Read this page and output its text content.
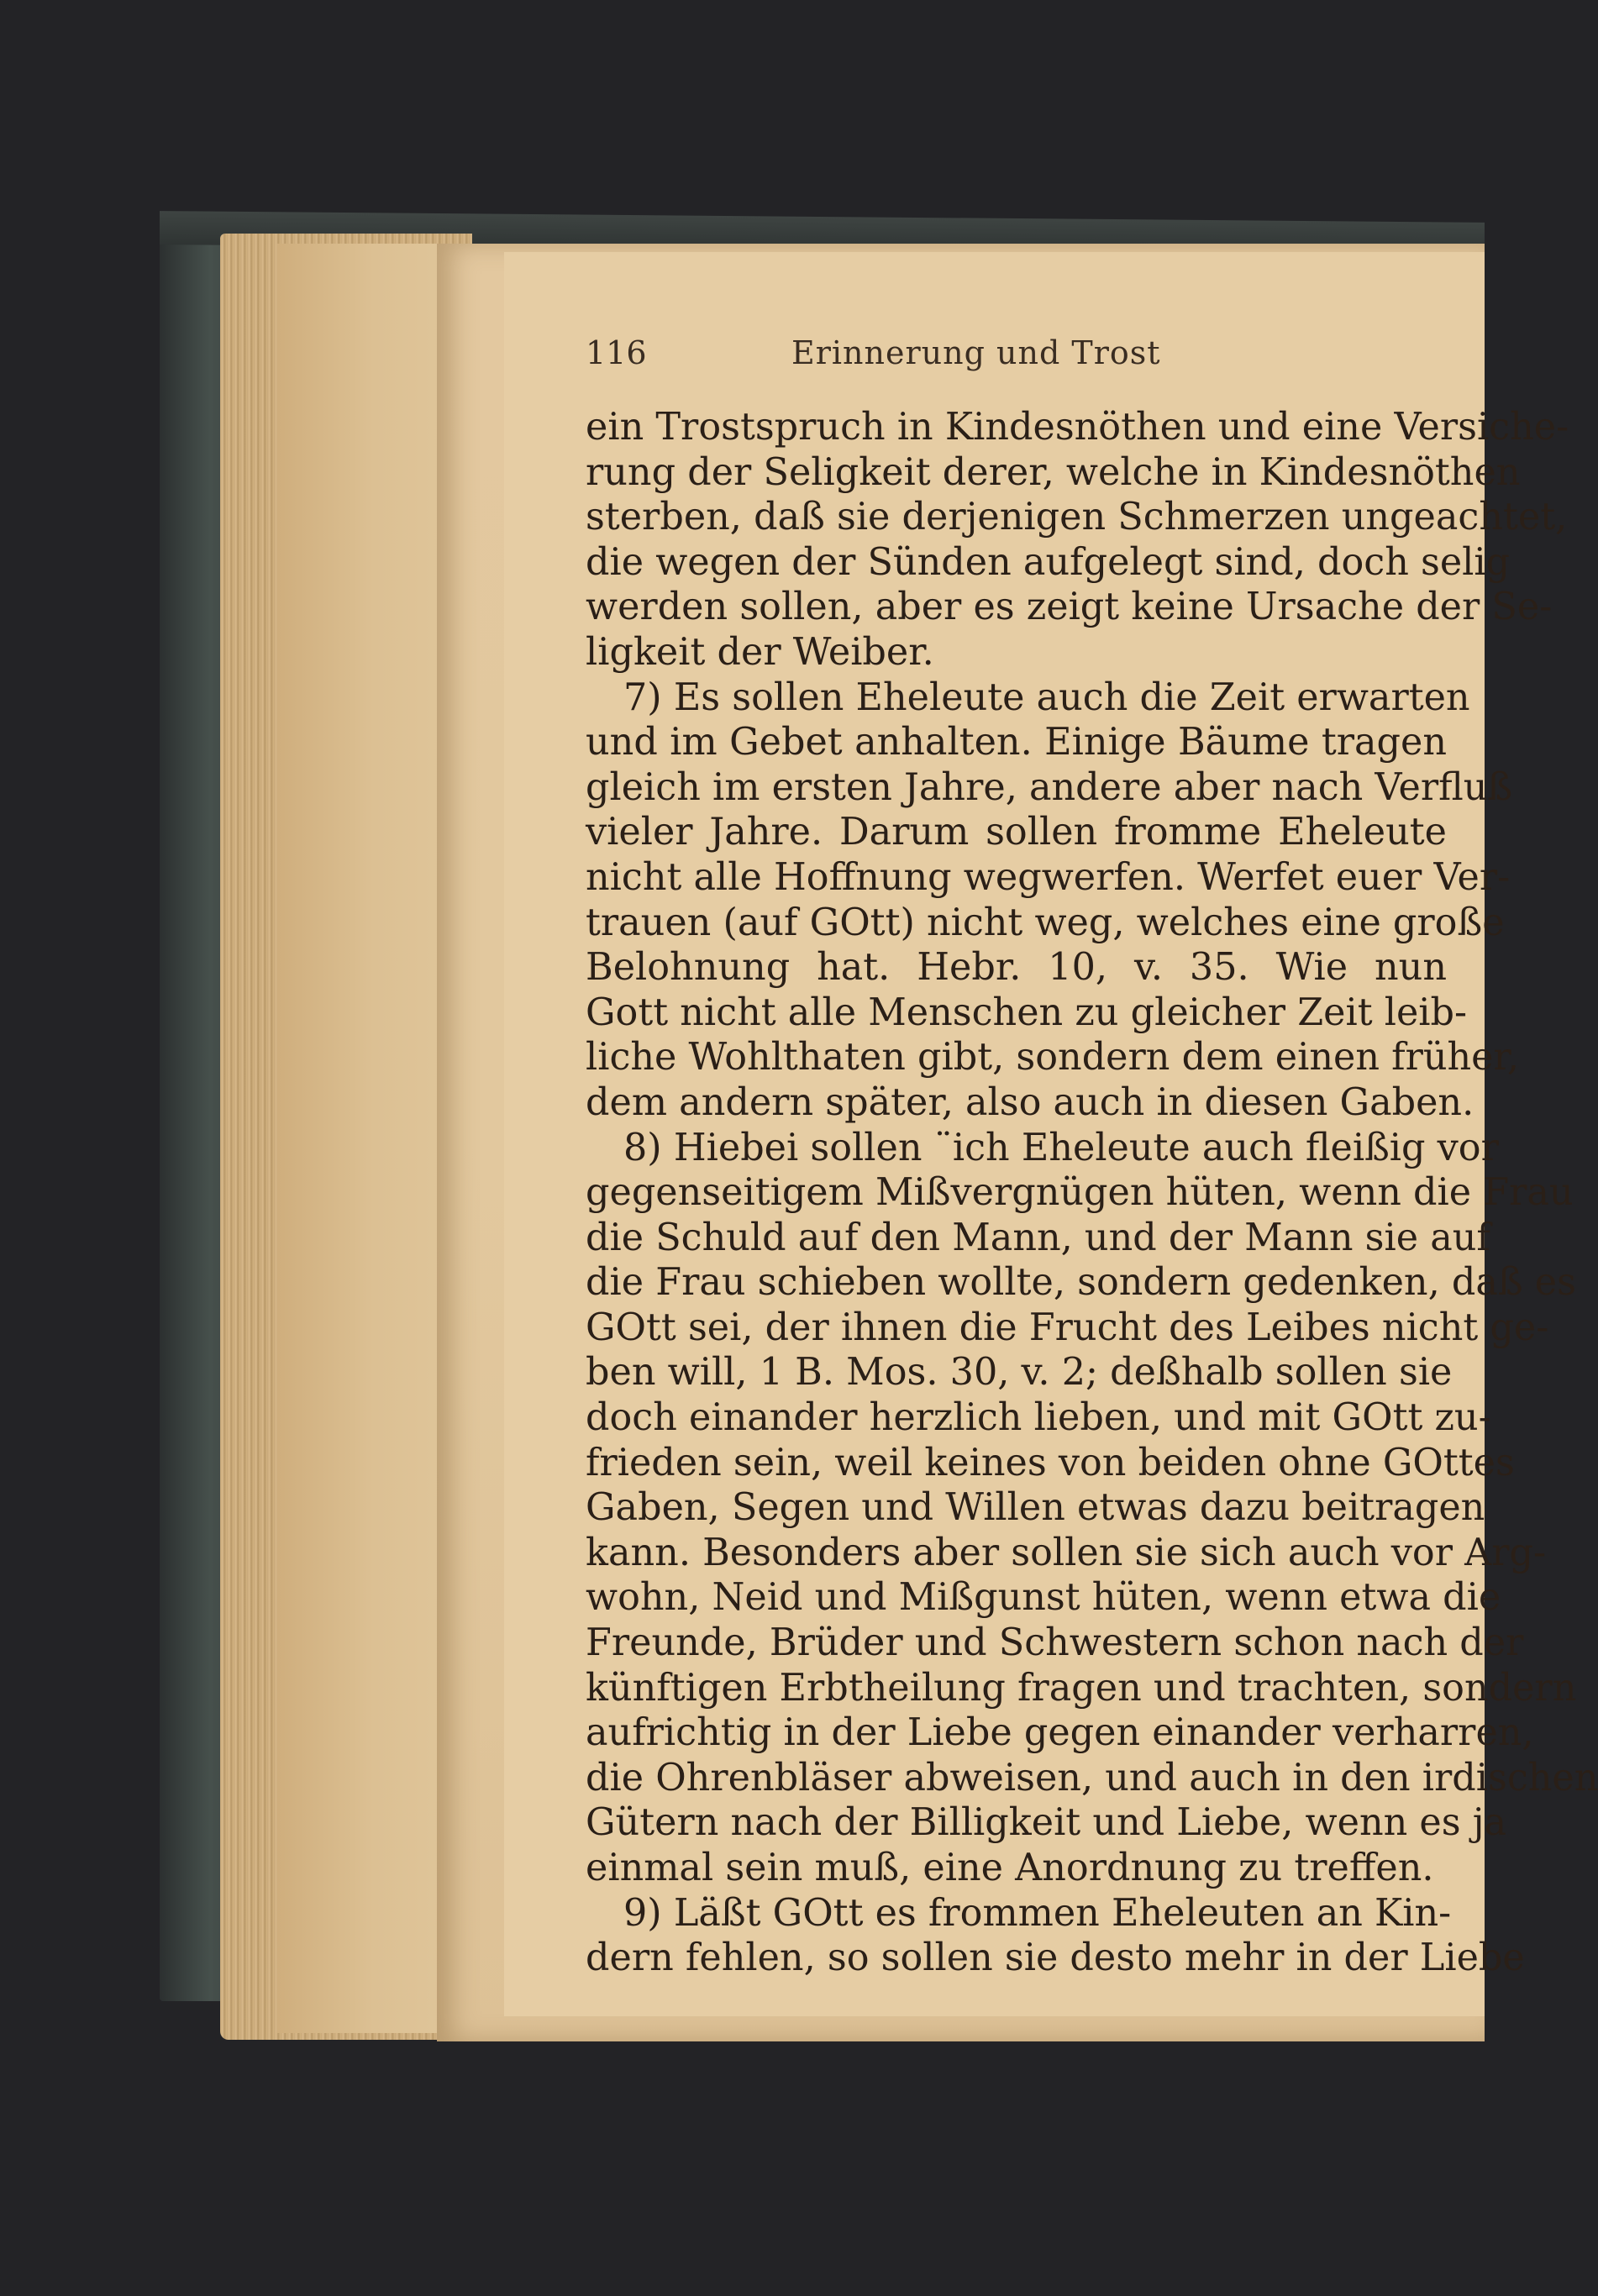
116	Erinnerung und Trost
ein Trostspruch in Kindesnöthen und eine Versiche-
rung der Seligkeit derer, welche in Kindesnöthen
sterben, daß sie derjenigen Schmerzen ungeachtet,
die wegen der Sünden aufgelegt sind, doch selig
werden sollen, aber es zeigt keine Ursache der Se-
ligkeit der Weiber.
7) Es sollen Eheleute auch die Zeit erwarten
und im Gebet anhalten. Einige Bäume tragen
gleich im ersten Jahre, andere aber nach Verfluß
vieler Jahre. Darum sollen fromme Eheleute
nicht alle Hoffnung wegwerfen. Werfet euer Ver-
trauen (auf GOtt) nicht weg, welches eine große
Belohnung hat. Hebr. 10, v. 35. Wie nun
Gott nicht alle Menschen zu gleicher Zeit leib-
liche Wohlthaten gibt, sondern dem einen früher,
dem andern später, also auch in diesen Gaben.
8) Hiebei sollen ¨ich Eheleute auch fleißig vor
gegenseitigem Mißvergnügen hüten, wenn die Frau
die Schuld auf den Mann, und der Mann sie auf
die Frau schieben wollte, sondern gedenken, daß es
GOtt sei, der ihnen die Frucht des Leibes nicht ge-
ben will, 1 B. Mos. 30, v. 2; deßhalb sollen sie
doch einander herzlich lieben, und mit GOtt zu-
frieden sein, weil keines von beiden ohne GOttes
Gaben, Segen und Willen etwas dazu beitragen
kann. Besonders aber sollen sie sich auch vor Arg-
wohn, Neid und Mißgunst hüten, wenn etwa die
Freunde, Brüder und Schwestern schon nach der
künftigen Erbtheilung fragen und trachten, sondern
aufrichtig in der Liebe gegen einander verharren,
die Ohrenbläser abweisen, und auch in den irdischen
Gütern nach der Billigkeit und Liebe, wenn es ja
einmal sein muß, eine Anordnung zu treffen.
9) Läßt GOtt es frommen Eheleuten an Kin-
dern fehlen, so sollen sie desto mehr in der Liebe
